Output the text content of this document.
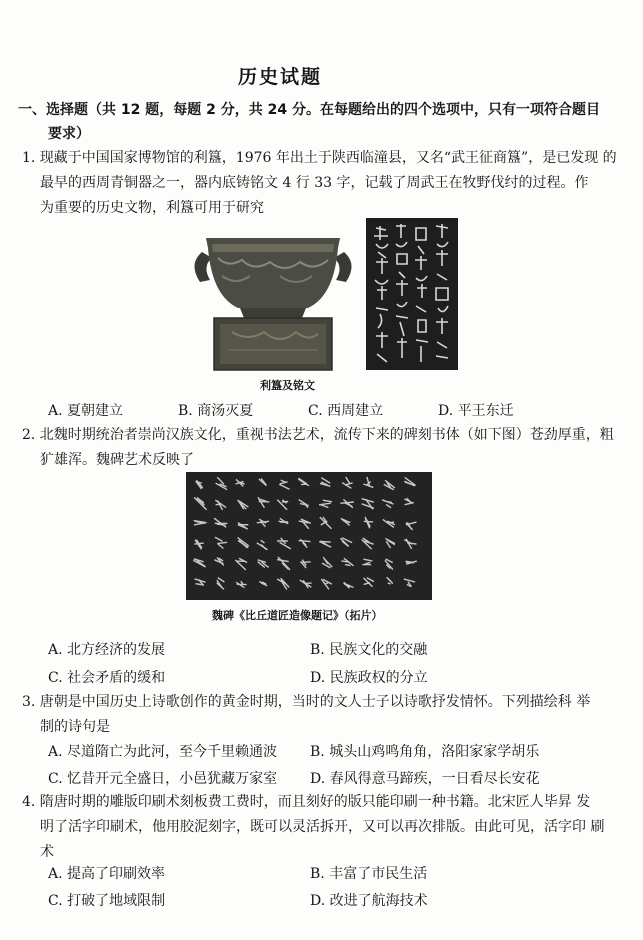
历史试题
一、选择题（共 12 题，每题 2 分，共 24 分。在每题给出的四个选项中，只有一项符合题目
要求）
1. 现藏于中国国家博物馆的利簋，1976 年出土于陕西临潼县，又名“武王征商簋”，是已发现 的
最早的西周青铜器之一，器内底铸铭文 4 行 33 字，记载了周武王在牧野伐纣的过程。作
为重要的历史文物，利簋可用于研究
利簋及铭文
A. 夏朝建立	B. 商汤灭夏	C. 西周建立	D. 平王东迁
2. 北魏时期统治者崇尚汉族文化，重视书法艺术，流传下来的碑刻书体（如下图）苍劲厚重，粗
犷雄浑。魏碑艺术反映了
魏碑《比丘道匠造像题记》（拓片）
A. 北方经济的发展	B. 民族文化的交融
C. 社会矛盾的缓和	D. 民族政权的分立
3. 唐朝是中国历史上诗歌创作的黄金时期，当时的文人士子以诗歌抒发情怀。下列描绘科 举
制的诗句是
A. 尽道隋亡为此河，至今千里赖通波	B. 城头山鸡鸣角角，洛阳家家学胡乐
C. 忆昔开元全盛日，小邑犹藏万家室	D. 春风得意马蹄疾，一日看尽长安花
4. 隋唐时期的雕版印刷术刻板费工费时，而且刻好的版只能印刷一种书籍。北宋匠人毕昇 发
明了活字印刷术，他用胶泥刻字，既可以灵活拆开，又可以再次排版。由此可见，活字印 刷
术
A. 提高了印刷效率	B. 丰富了市民生活
C. 打破了地域限制	D. 改进了航海技术
